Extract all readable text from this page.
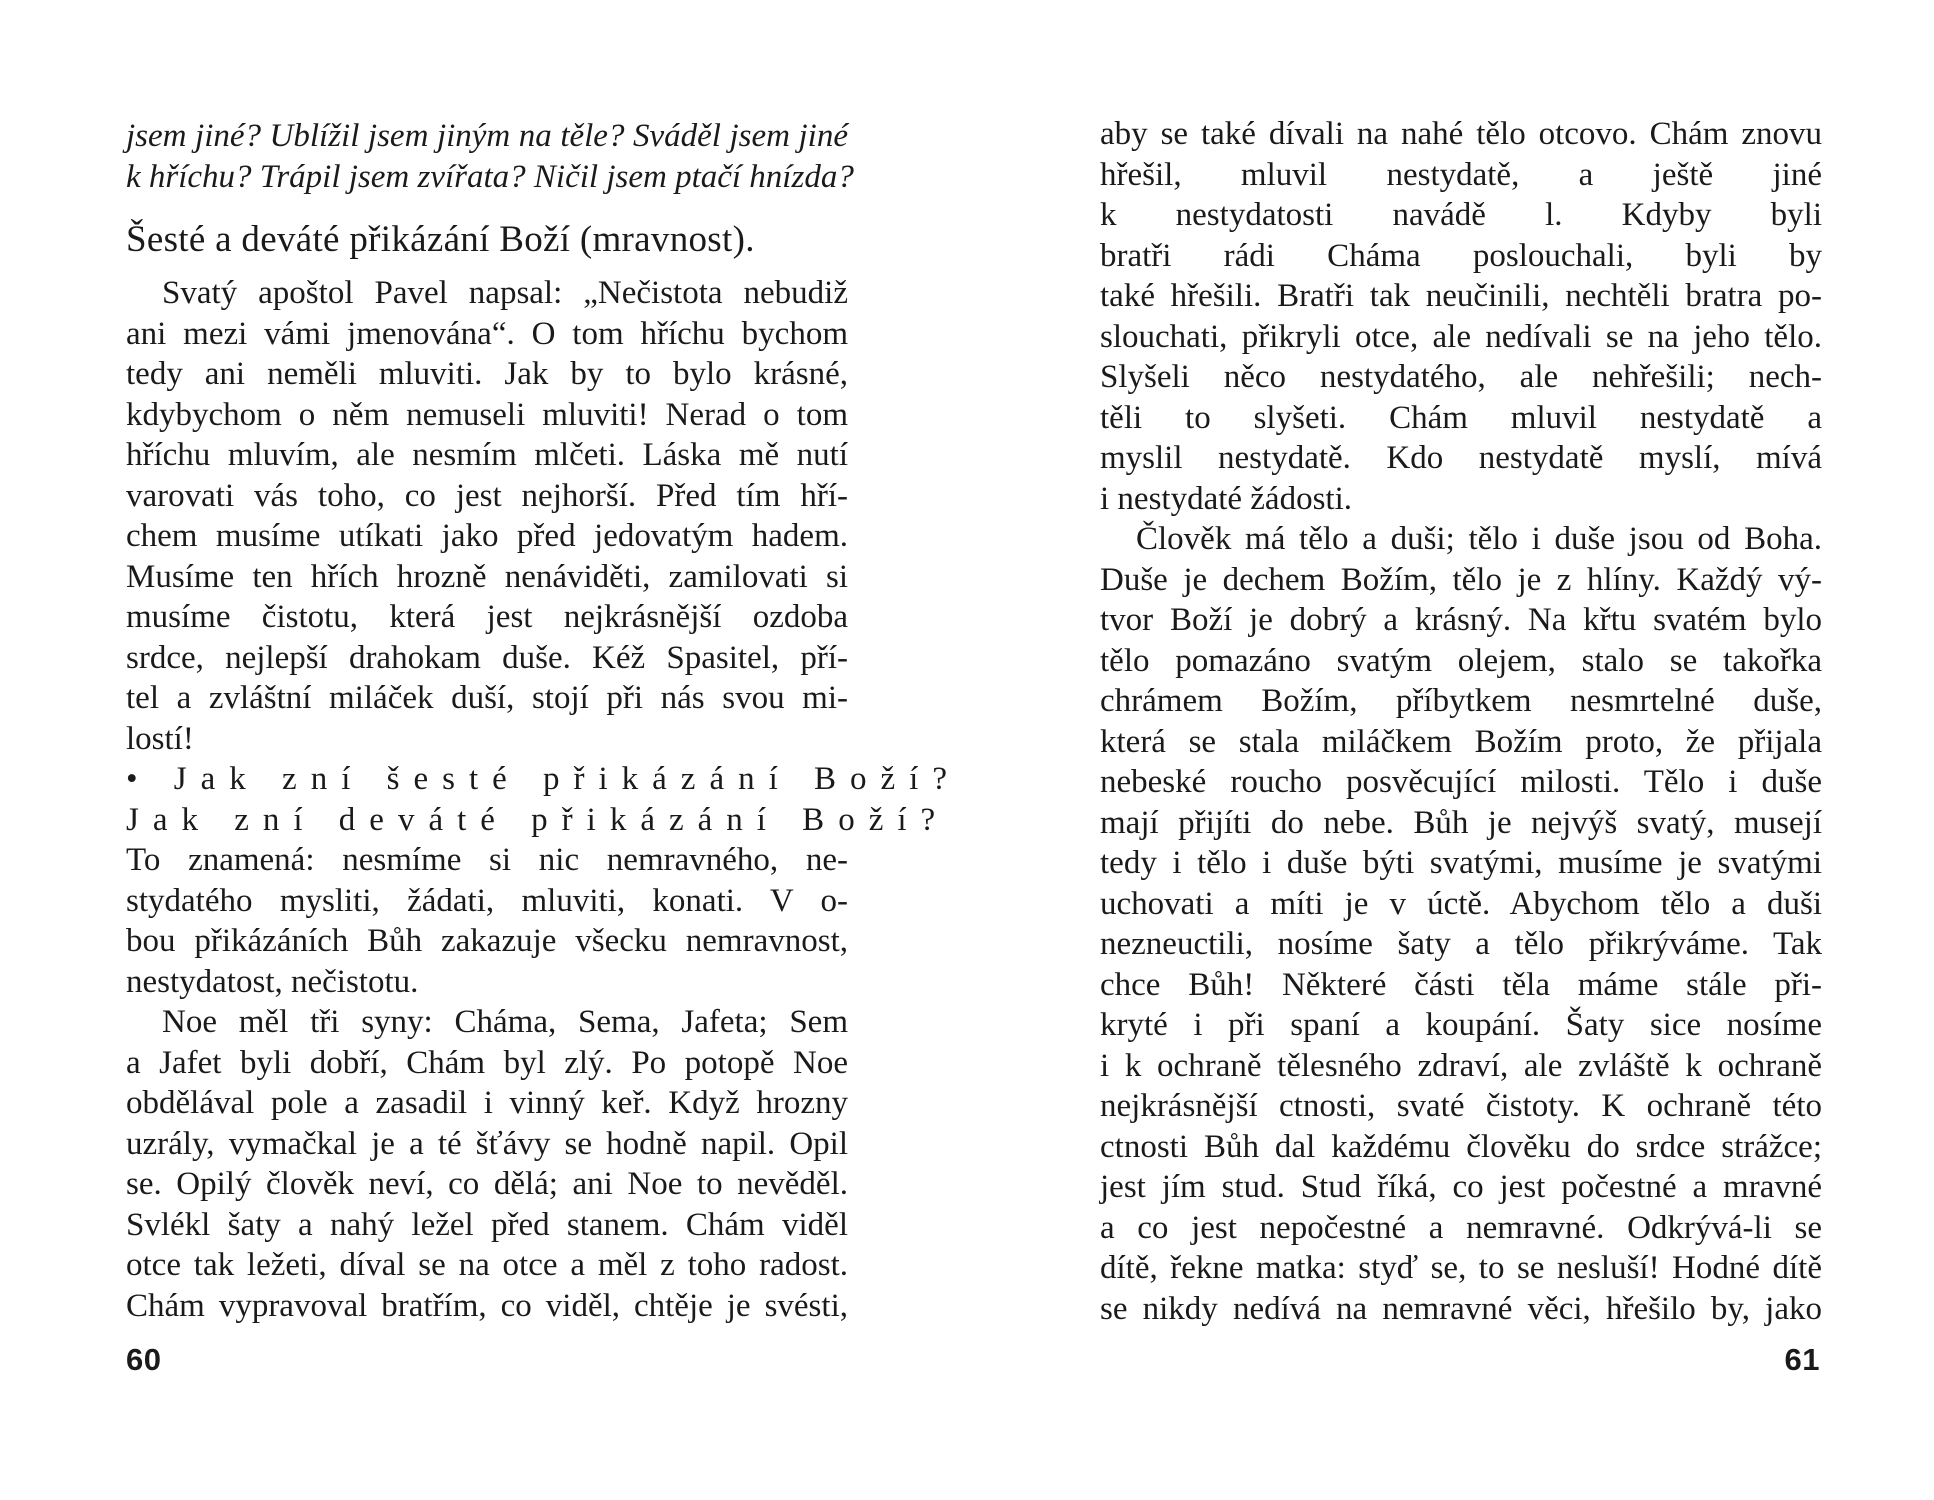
jsem jiné? Ublížil jsem jiným na těle? Sváděl jsem jiné
k hříchu? Trápil jsem zvířata? Ničil jsem ptačí hnízda?
Šesté a deváté přikázání Boží (mravnost).
Svatý apoštol Pavel napsal: „Nečistota nebudiž
ani mezi vámi jmenována“. O tom hříchu bychom
tedy ani neměli mluviti. Jak by to bylo krásné,
kdybychom o něm nemuseli mluviti! Nerad o tom
hříchu mluvím, ale nesmím mlčeti. Láska mě nutí
varovati vás toho, co jest nejhorší. Před tím hří-
chem musíme utíkati jako před jedovatým hadem.
Musíme ten hřích hrozně nenáviděti, zamilovati si
musíme čistotu, která jest nejkrásnější ozdoba
srdce, nejlepší drahokam duše. Kéž Spasitel, pří-
tel a zvláštní miláček duší, stojí při nás svou mi-
lostí!
• Jak zní šesté přikázání Boží?
Jak zní deváté přikázání Boží?
To znamená: nesmíme si nic nemravného, ne-
stydatého mysliti, žádati, mluviti, konati. V o-
bou přikázáních Bůh zakazuje všecku nemravnost,
nestydatost, nečistotu.
Noe měl tři syny: Cháma, Sema, Jafeta; Sem
a Jafet byli dobří, Chám byl zlý. Po potopě Noe
obdělával pole a zasadil i vinný keř. Když hrozny
uzrály, vymačkal je a té šťávy se hodně napil. Opil
se. Opilý člověk neví, co dělá; ani Noe to nevěděl.
Svlékl šaty a nahý ležel před stanem. Chám viděl
otce tak ležeti, díval se na otce a měl z toho radost.
Chám vypravoval bratřím, co viděl, chtěje je svésti,
60
aby se také dívali na nahé tělo otcovo. Chám znovu
hřešil, mluvil nestydatě, a ještě jiné
k nestydatosti navádě l. Kdyby byli
bratři rádi Cháma poslouchali, byli by
také hřešili. Bratři tak neučinili, nechtěli bratra po-
slouchati, přikryli otce, ale nedívali se na jeho tělo.
Slyšeli něco nestydatého, ale nehřešili; nech-
těli to slyšeti. Chám mluvil nestydatě a
myslil nestydatě. Kdo nestydatě myslí, mívá
i nestydaté žádosti.
Člověk má tělo a duši; tělo i duše jsou od Boha.
Duše je dechem Božím, tělo je z hlíny. Každý vý-
tvor Boží je dobrý a krásný. Na křtu svatém bylo
tělo pomazáno svatým olejem, stalo se takořka
chrámem Božím, příbytkem nesmrtelné duše,
která se stala miláčkem Božím proto, že přijala
nebeské roucho posvěcující milosti. Tělo i duše
mají přijíti do nebe. Bůh je nejvýš svatý, musejí
tedy i tělo i duše býti svatými, musíme je svatými
uchovati a míti je v úctě. Abychom tělo a duši
nezneuctili, nosíme šaty a tělo přikrýváme. Tak
chce Bůh! Některé části těla máme stále při-
kryté i při spaní a koupání. Šaty sice nosíme
i k ochraně tělesného zdraví, ale zvláště k ochraně
nejkrásnější ctnosti, svaté čistoty. K ochraně této
ctnosti Bůh dal každému člověku do srdce strážce;
jest jím stud. Stud říká, co jest počestné a mravné
a co jest nepočestné a nemravné. Odkrývá-li se
dítě, řekne matka: styď se, to se nesluší! Hodné dítě
se nikdy nedívá na nemravné věci, hřešilo by, jako
61
